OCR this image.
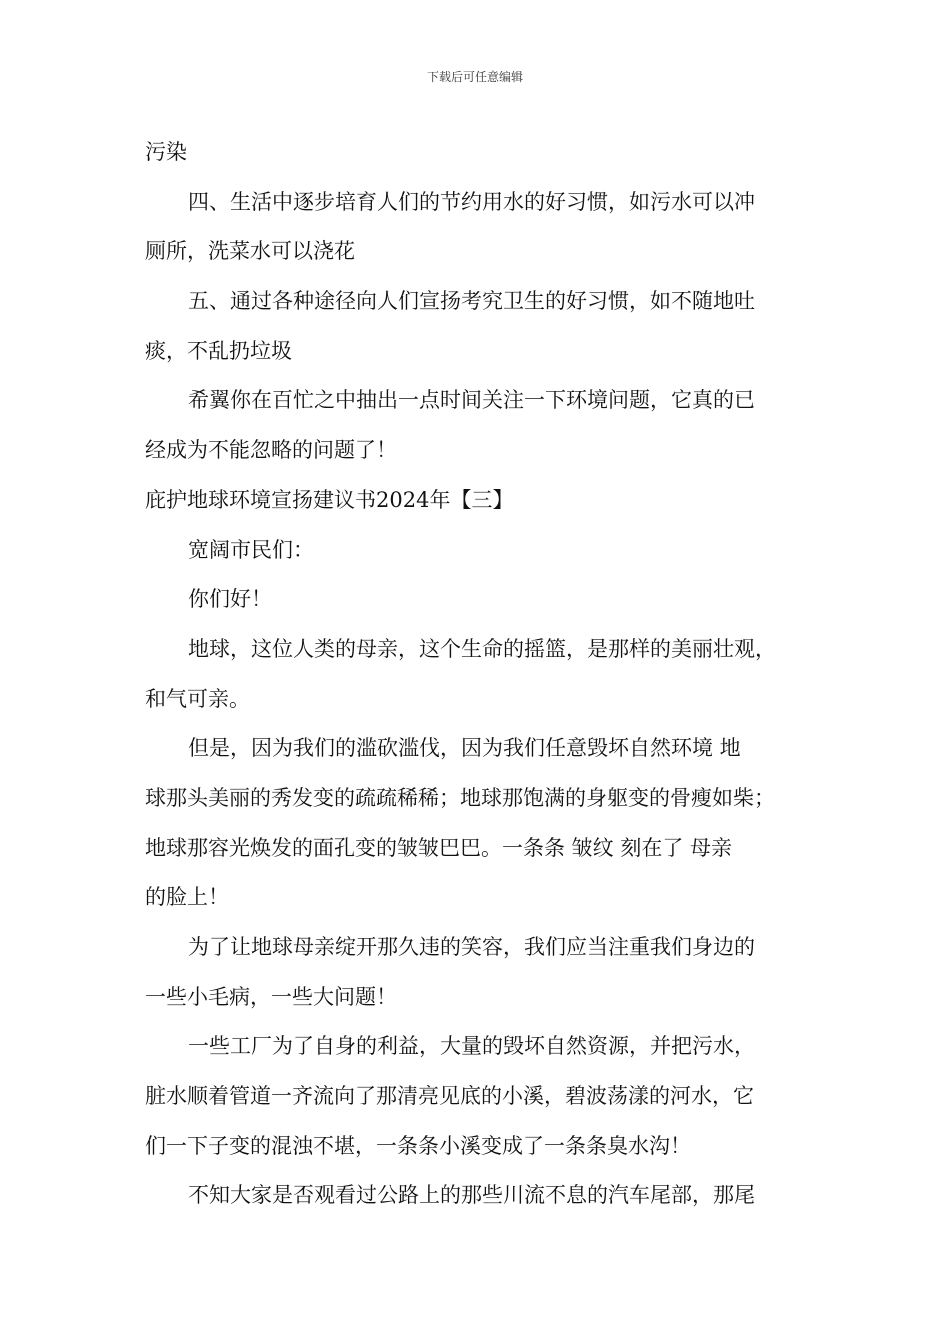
下载后可任意编辑
污染
四、生活中逐步培育人们的节约用水的好习惯，如污水可以冲
厕所，洗菜水可以浇花
五、通过各种途径向人们宣扬考究卫生的好习惯，如不随地吐
痰，不乱扔垃圾
希翼你在百忙之中抽出一点时间关注一下环境问题，它真的已
经成为不能忽略的问题了！
庇护地球环境宣扬建议书2024年【三】
宽阔市民们：
你们好！
地球，这位人类的母亲，这个生命的摇篮，是那样的美丽壮观，
和气可亲。
但是，因为我们的滥砍滥伐，因为我们任意毁坏自然环境 地
球那头美丽的秀发变的疏疏稀稀；地球那饱满的身躯变的骨瘦如柴；
地球那容光焕发的面孔变的皱皱巴巴。一条条 皱纹 刻在了 母亲
的脸上！
为了让地球母亲绽开那久违的笑容，我们应当注重我们身边的
一些小毛病，一些大问题！
一些工厂为了自身的利益，大量的毁坏自然资源，并把污水，
脏水顺着管道一齐流向了那清亮见底的小溪，碧波荡漾的河水，它
们一下子变的混浊不堪，一条条小溪变成了一条条臭水沟！
不知大家是否观看过公路上的那些川流不息的汽车尾部，那尾
